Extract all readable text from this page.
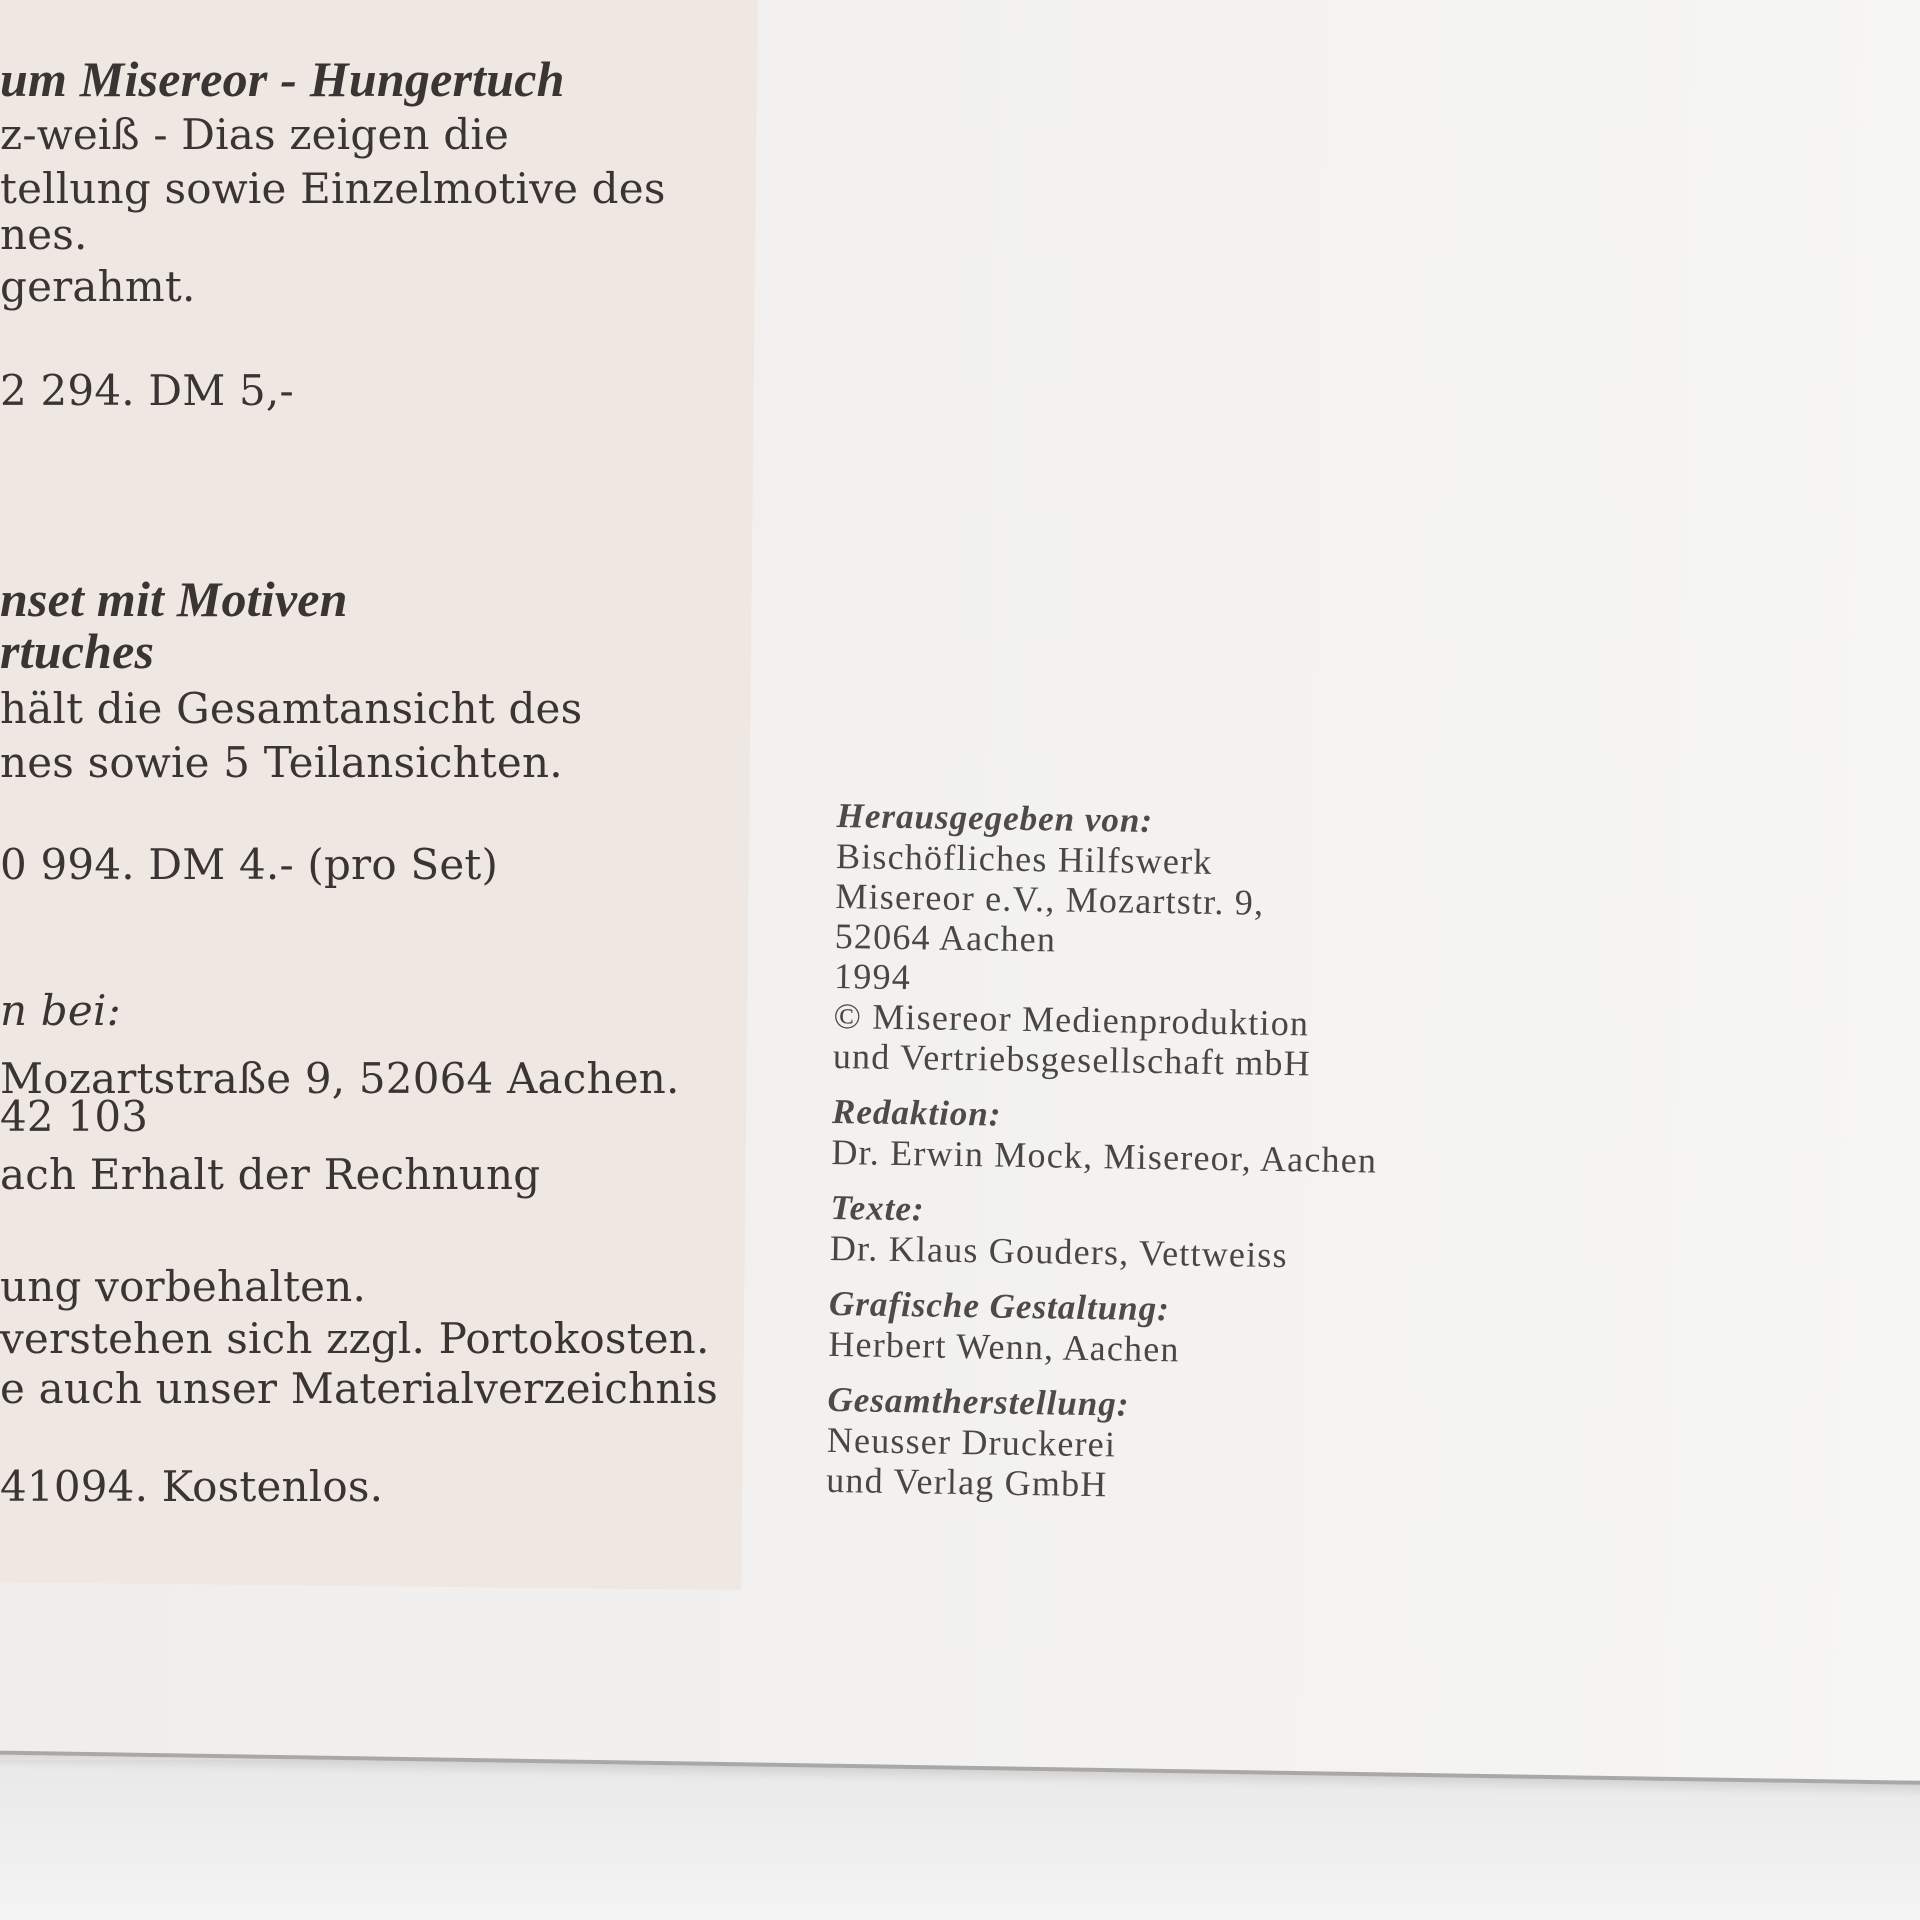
um Misereor - Hungertuch
z-weiß - Dias zeigen die
tellung sowie Einzelmotive des
nes.
gerahmt.
2 294. DM 5,-
nset mit Motiven
rtuches
hält die Gesamtansicht des
nes sowie 5 Teilansichten.
0 994. DM 4.- (pro Set)
n bei:
Mozartstraße 9, 52064 Aachen.
42 103
ach Erhalt der Rechnung
ung vorbehalten.
verstehen sich zzgl. Portokosten.
e auch unser Materialverzeichnis
41094. Kostenlos.
Herausgegeben von:
Bischöfliches Hilfswerk
Misereor e.V., Mozartstr. 9,
52064 Aachen
1994
© Misereor Medienproduktion
und Vertriebsgesellschaft mbH
Redaktion:
Dr. Erwin Mock, Misereor, Aachen
Texte:
Dr. Klaus Gouders, Vettweiss
Grafische Gestaltung:
Herbert Wenn, Aachen
Gesamtherstellung:
Neusser Druckerei
und Verlag GmbH
